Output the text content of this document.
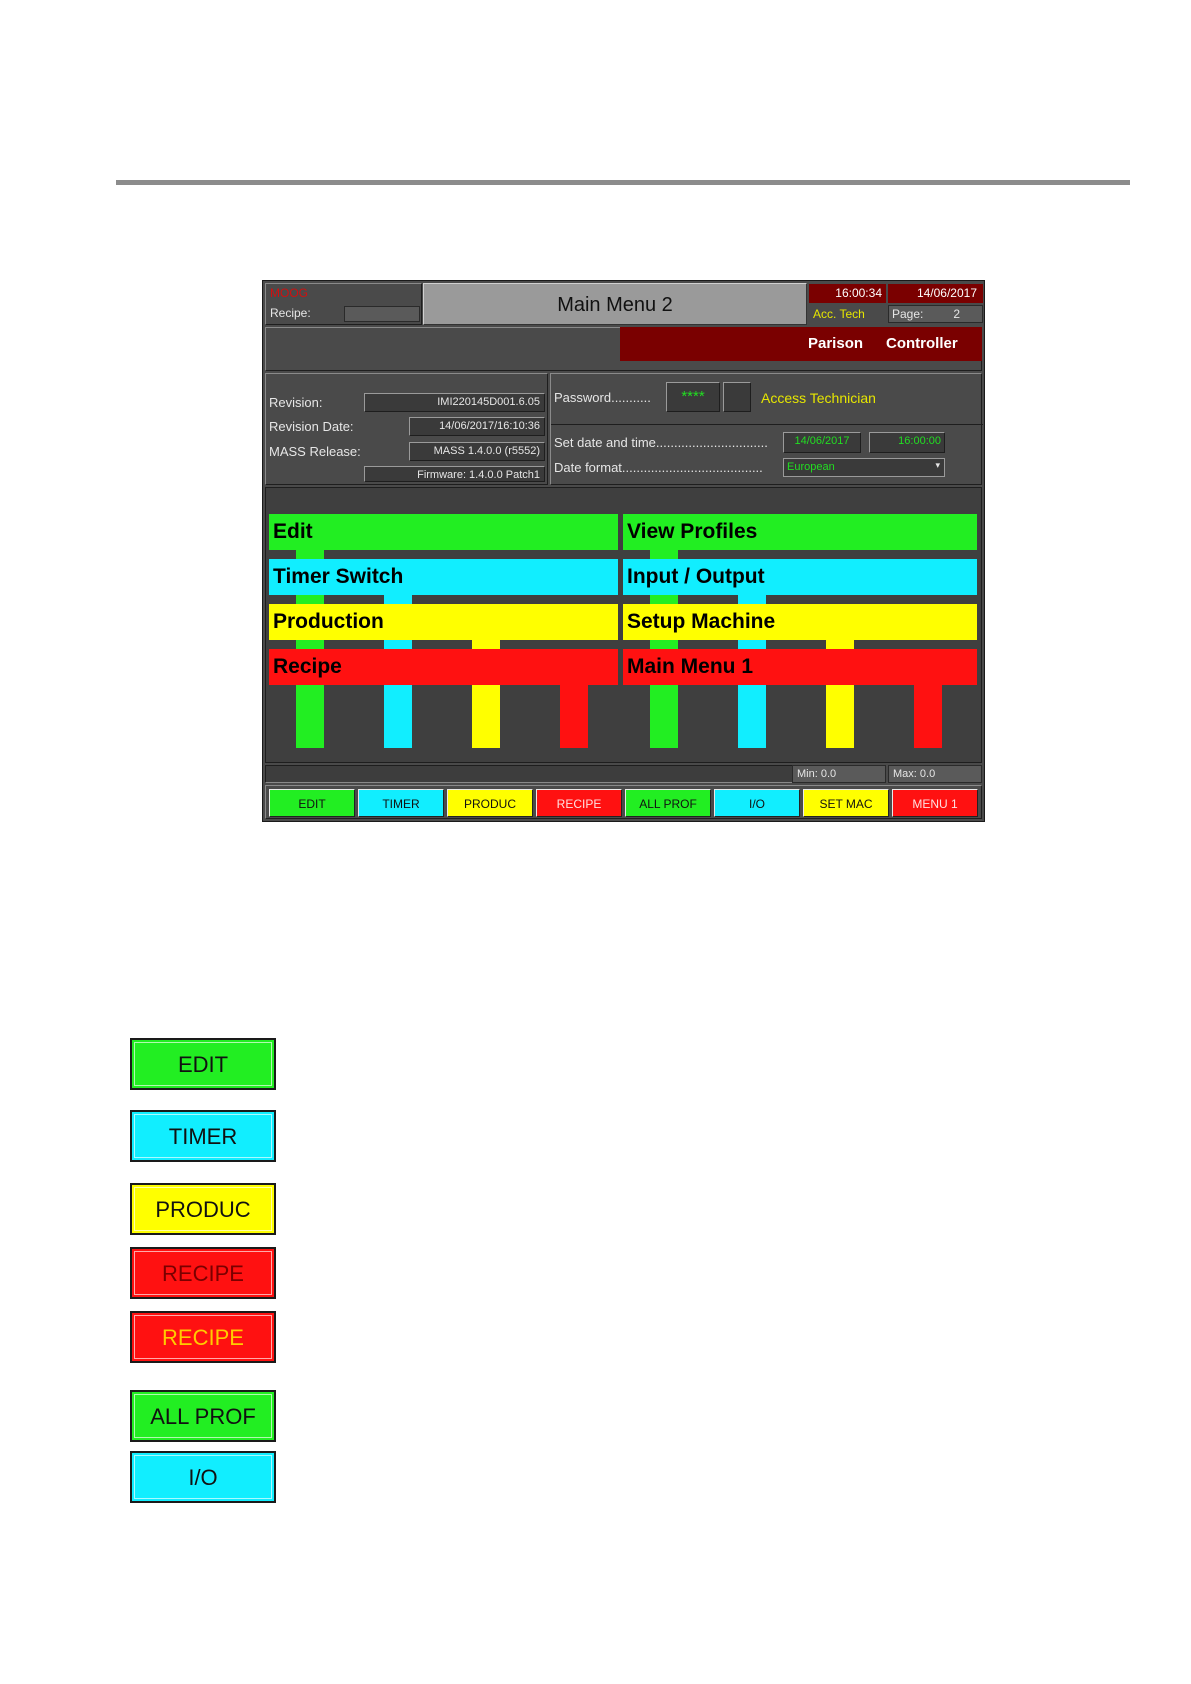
MOOG
Recipe:	Main Menu 2
16:00:34	14/06/2017
Acc. Tech	Page: 2
Parison Controller
Revision:	IMI220145D001.6.05
Revision Date:	14/06/2017/16:10:36
MASS Release:	MASS 1.4.0.0 (r5552)
Firmware: 1.4.0.0 Patch1
Password...........	****	Access Technician
Set date and time...............................	14/06/2017	16:00:00
Date format.......................................	European	▾
Edit	View Profiles
Timer Switch	Input / Output
Production	Setup Machine
Recipe	Main Menu 1
Min: 0.0	Max: 0.0
EDIT	TIMER	PRODUC	RECIPE	ALL PROF	I/O	SET MAC	MENU 1
EDIT
TIMER
PRODUC
RECIPE
RECIPE
ALL PROF
I/O
